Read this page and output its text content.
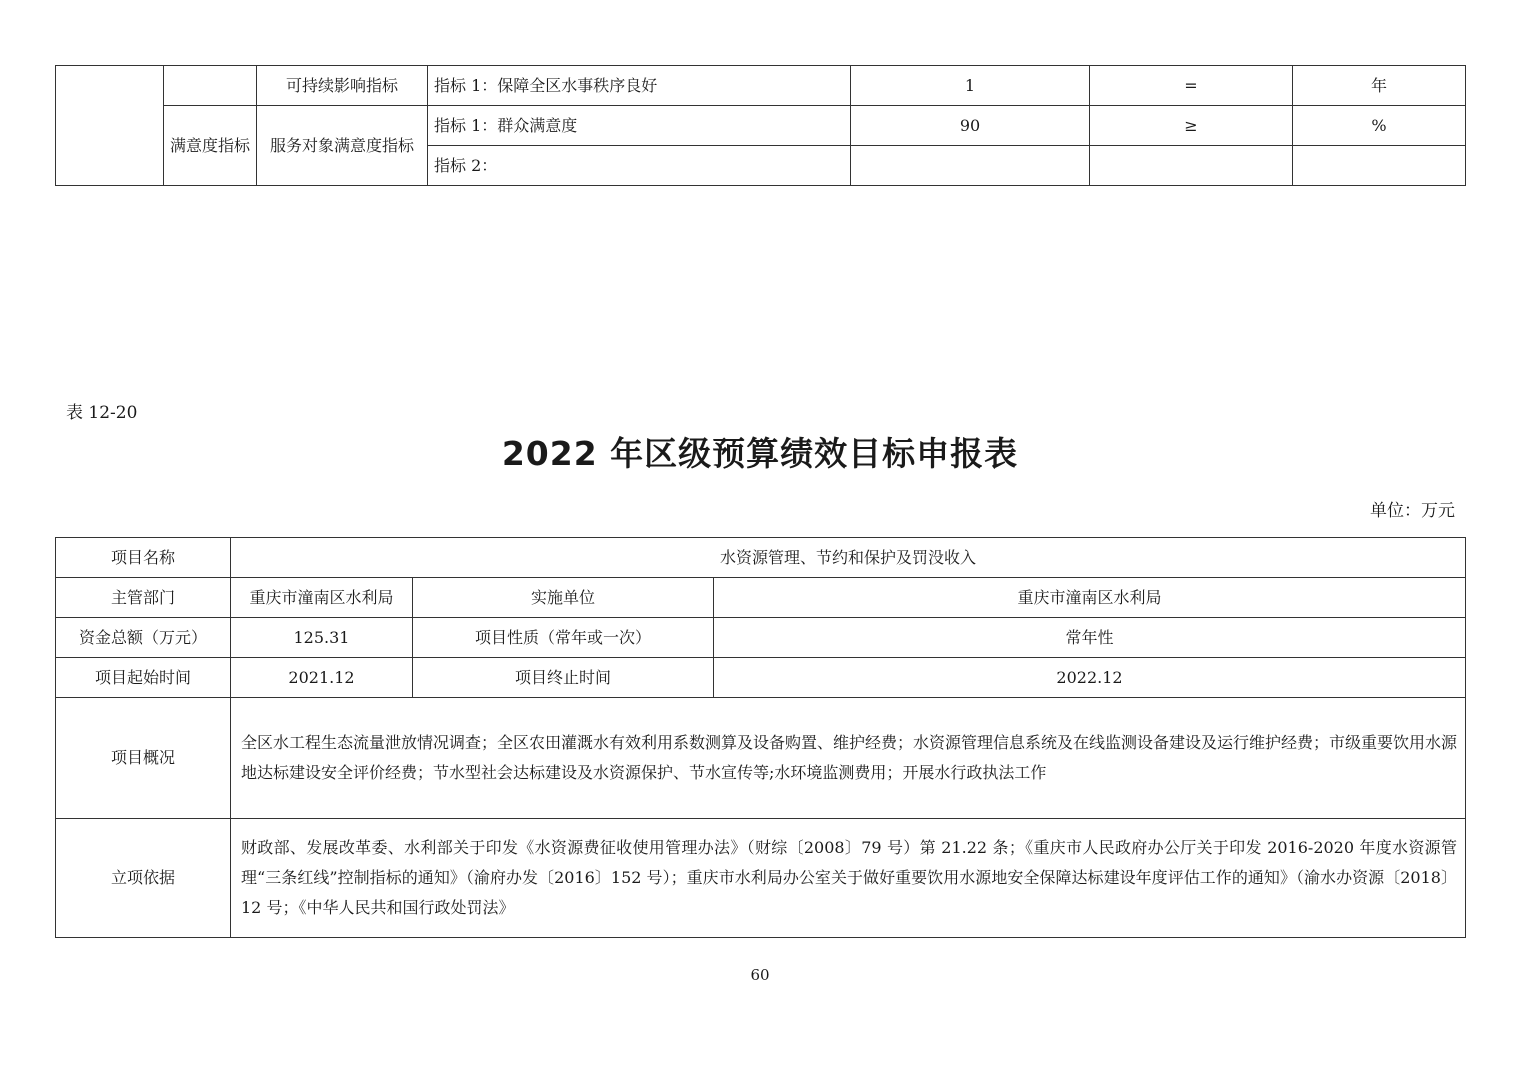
		可持续影响指标	指标 1：保障全区水事秩序良好	1	=	年
	满意度指标	服务对象满意度指标	指标 1：群众满意度	90	≥	%
			指标 2：			
表 12-20
2022 年区级预算绩效目标申报表
单位：万元
项目名称	水资源管理、节约和保护及罚没收入		
主管部门	重庆市潼南区水利局	实施单位	重庆市潼南区水利局
资金总额（万元）	125.31	项目性质（常年或一次）	常年性
项目起始时间	2021.12	项目终止时间	2022.12
项目概况	全区水工程生态流量泄放情况调查；全区农田灌溉水有效利用系数测算及设备购置、维护经费；水资源管理信息系统及在线监测设备建设及运行维护经费；市级重要饮用水源地达标建设安全评价经费；节水型社会达标建设及水资源保护、节水宣传等;水环境监测费用；开展水行政执法工作		
立项依据	财政部、发展改革委、水利部关于印发《水资源费征收使用管理办法》（财综〔2008〕79 号）第 21.22 条；《重庆市人民政府办公厅关于印发 2016-2020 年度水资源管理“三条红线”控制指标的通知》（渝府办发〔2016〕152 号）；重庆市水利局办公室关于做好重要饮用水源地安全保障达标建设年度评估工作的通知》（渝水办资源〔2018〕12 号；《中华人民共和国行政处罚法》		
60
